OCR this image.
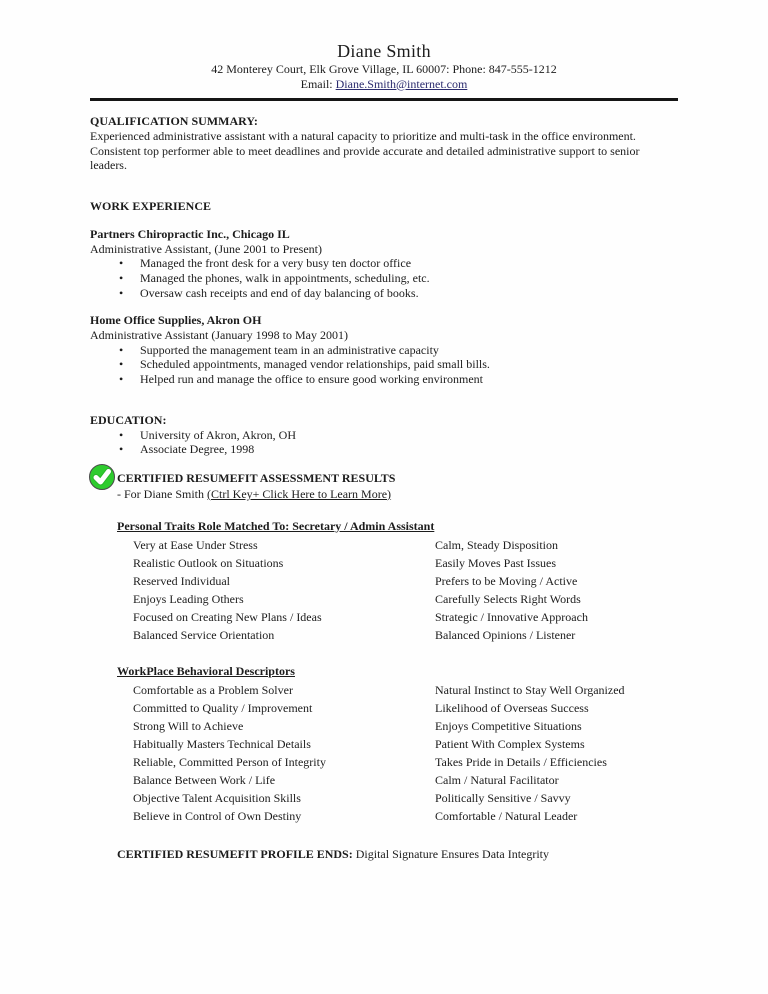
Diane Smith
42 Monterey Court, Elk Grove Village, IL 60007: Phone: 847-555-1212
Email: Diane.Smith@internet.com

QUALIFICATION SUMMARY:

Experienced administrative assistant with a natural capacity to prioritize and multi-task in the office environment.
Consistent top performer able to meet deadlines and provide accurate and detailed administrative support to senior leaders.

WORK EXPERIENCE

Partners Chiropractic Inc., Chicago IL

Administrative Assistant, (June 2001 to Present)
• Managed the front desk for a very busy ten doctor office
• Managed the phones, walk in appointments, scheduling, etc.
• Oversaw cash receipts and end of day balancing of books.

Home Office Supplies, Akron OH

Administrative Assistant (January 1998 to May 2001)
• Supported the management team in an administrative capacity
• Scheduled appointments, managed vendor relationships, paid small bills.
• Helped run and manage the office to ensure good working environment

EDUCATION:

• University of Akron, Akron, OH
• Associate Degree, 1998

CERTIFIED RESUMEFIT ASSESSMENT RESULTS

- For Diane Smith (Ctrl Key+ Click Here to Learn More)

Personal Traits Role Matched To: Secretary / Admin Assistant

Very at Ease Under Stress	Calm, Steady Disposition
Realistic Outlook on Situations	Easily Moves Past Issues
Reserved Individual	Prefers to be Moving / Active
Enjoys Leading Others	Carefully Selects Right Words
Focused on Creating New Plans / Ideas	Strategic / Innovative Approach
Balanced Service Orientation	Balanced Opinions / Listener

WorkPlace Behavioral Descriptors

Comfortable as a Problem Solver	Natural Instinct to Stay Well Organized
Committed to Quality / Improvement	Likelihood of Overseas Success
Strong Will to Achieve	Enjoys Competitive Situations
Habitually Masters Technical Details	Patient With Complex Systems
Reliable, Committed Person of Integrity	Takes Pride in Details / Efficiencies
Balance Between Work / Life	Calm / Natural Facilitator
Objective Talent Acquisition Skills	Politically Sensitive / Savvy
Believe in Control of Own Destiny	Comfortable / Natural Leader
CERTIFIED RESUMEFIT PROFILE ENDS: Digital Signature Ensures Data Integrity
